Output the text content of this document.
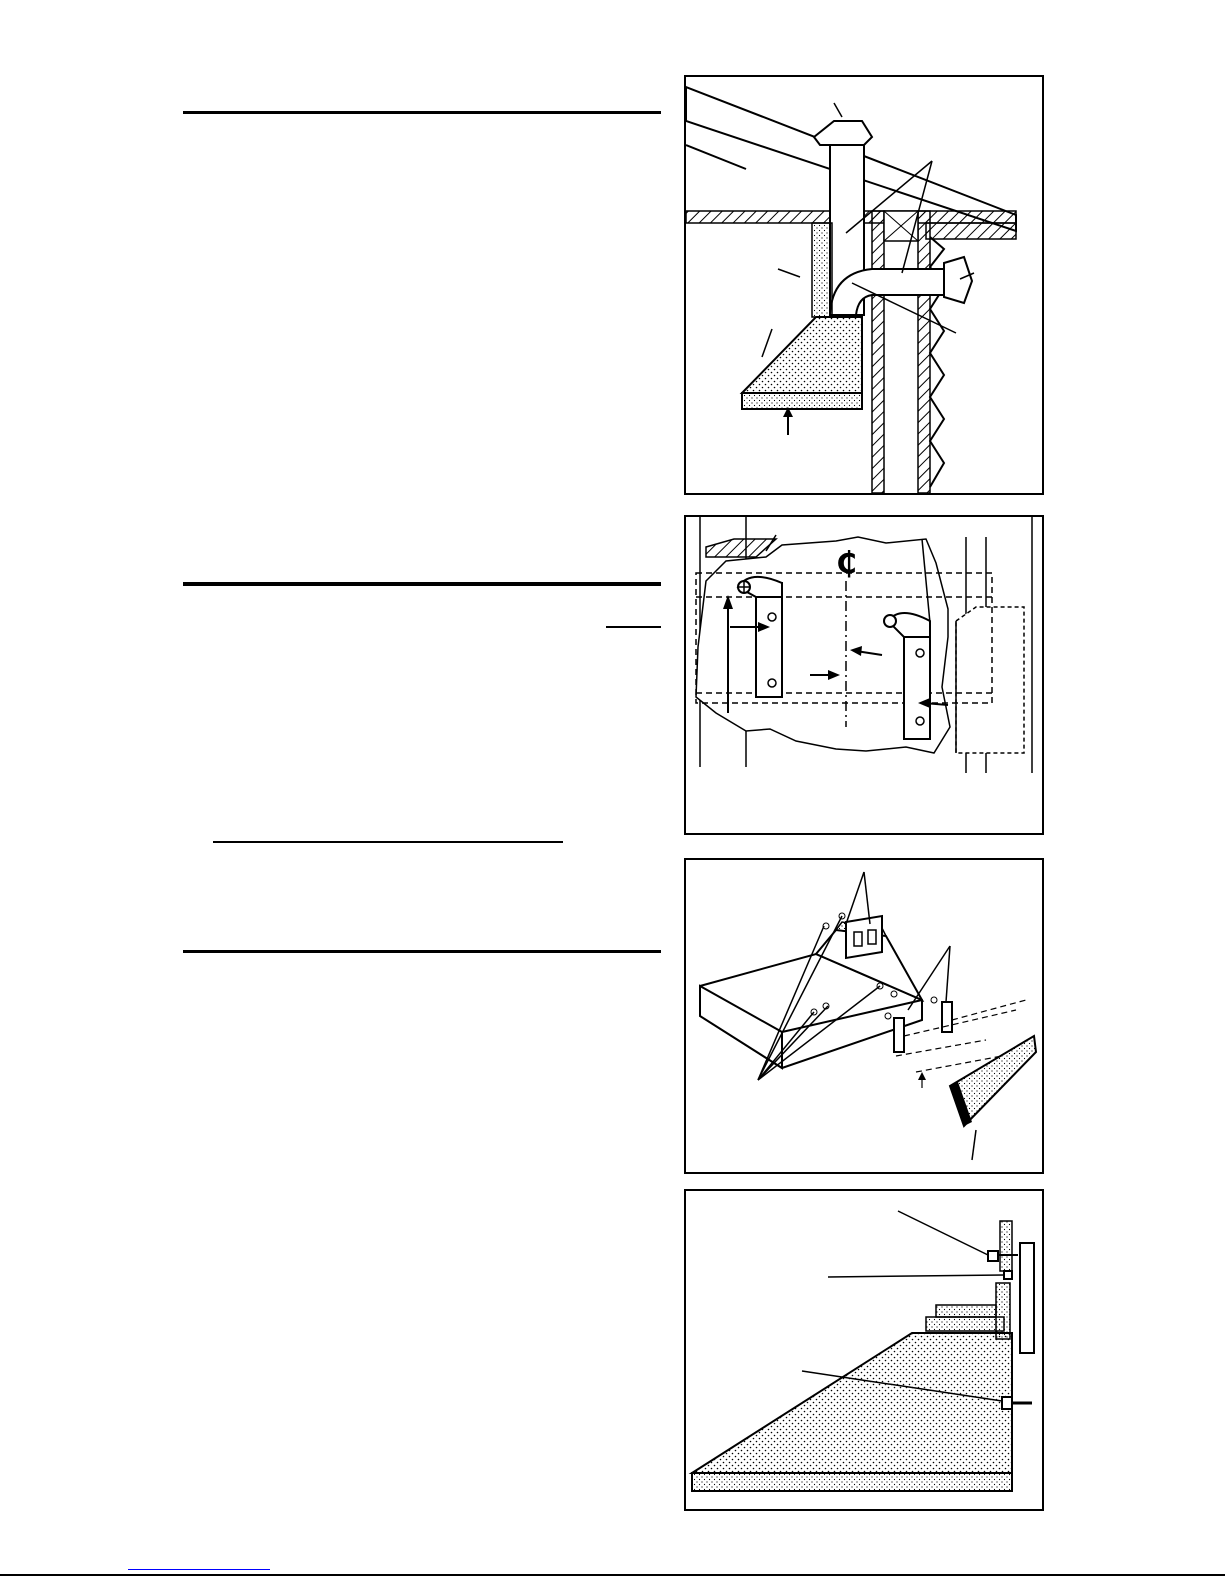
₵
